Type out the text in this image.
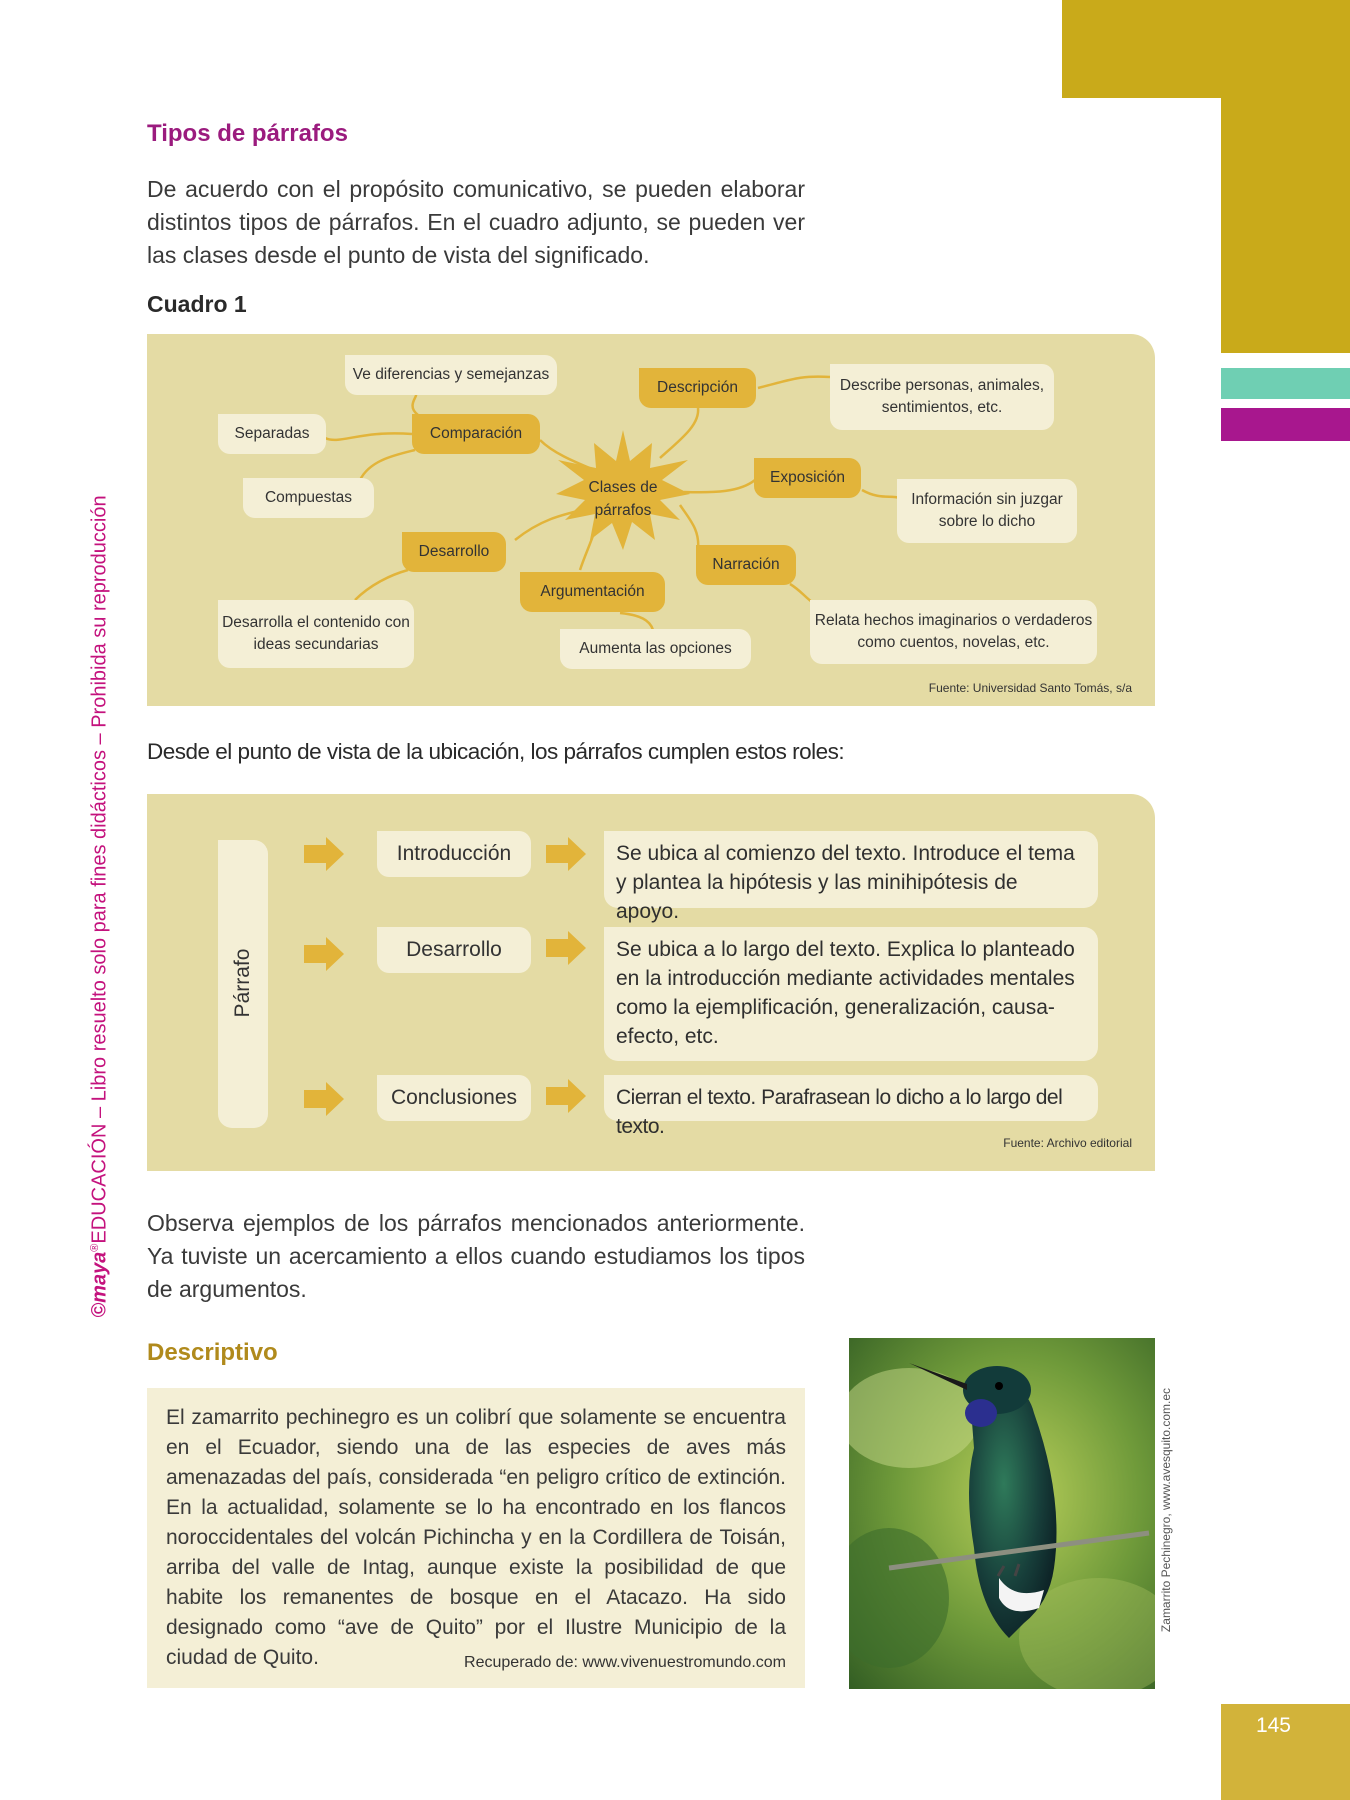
145
©maya®EDUCACIÓN – Libro resuelto solo para fines didácticos – Prohibida su reproducción
Tipos de párrafos
De acuerdo con el propósito comunicativo, se pueden elaborar distintos tipos de párrafos. En el cuadro adjunto, se pueden ver las clases desde el punto de vista del significado.
Cuadro 1
Clases de párrafos
Ve diferencias y semejanzas
Separadas
Compuestas
Desarrolla el contenido con ideas secundarias	Aumenta las opciones
Describe personas, animales, sentimientos, etc.
Información sin juzgar sobre lo dicho
Relata hechos imaginarios o verdaderos como cuentos, novelas, etc.
Comparación
Desarrollo
Argumentación
Descripción
Exposición
Narración
Fuente: Universidad Santo Tomás, s/a
Desde el punto de vista de la ubicación, los párrafos cumplen estos roles:
Párrafo
Introducción
Desarrollo
Conclusiones
Se ubica al comienzo del texto. Introduce el tema y plantea la hipótesis y las minihipótesis de apoyo.
Se ubica a lo largo del texto. Explica lo planteado en la introducción mediante actividades mentales como la ejemplificación, generalización, causa-efecto, etc.
Cierran el texto. Parafrasean lo dicho a lo largo del texto.
Fuente: Archivo editorial
Observa ejemplos de los párrafos mencionados anteriormente. Ya tuviste un acercamiento a ellos cuando estudiamos los tipos de argumentos.
Descriptivo
El zamarrito pechinegro es un colibrí que solamente se encuentra en el Ecuador, siendo una de las especies de aves más amenazadas del país, considerada “en peligro crítico de extinción. En la actualidad, solamente se lo ha encontrado en los flancos noroccidentales del volcán Pichincha y en la Cordillera de Toisán, arriba del valle de Intag, aunque existe la posibilidad de que habite los remanentes de bosque en el Atacazo. Ha sido designado como “ave de Quito” por el Ilustre Municipio de la ciudad de Quito.	Recuperado de: www.vivenuestromundo.com
Zamarrito Pechinegro, www.avesquito.com.ec
